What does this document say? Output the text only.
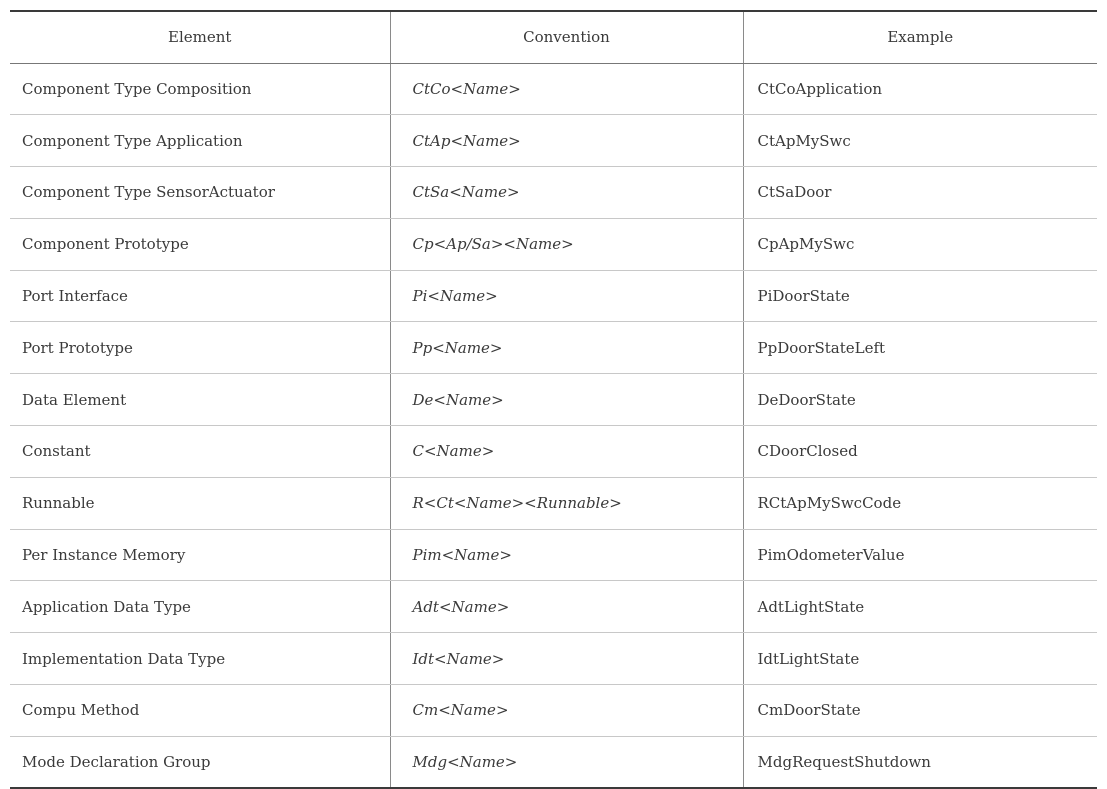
Element	Convention	Example
Component Type Composition	CtCo<Name>	CtCoApplication
Component Type Application	CtAp<Name>	CtApMySwc
Component Type SensorActuator	CtSa<Name>	CtSaDoor
Component Prototype	Cp<Ap/Sa><Name>	CpApMySwc
Port Interface	Pi<Name>	PiDoorState
Port Prototype	Pp<Name>	PpDoorStateLeft
Data Element	De<Name>	DeDoorState
Constant	C<Name>	CDoorClosed
Runnable	R<Ct<Name><Runnable>	RCtApMySwcCode
Per Instance Memory	Pim<Name>	PimOdometerValue
Application Data Type	Adt<Name>	AdtLightState
Implementation Data Type	Idt<Name>	IdtLightState
Compu Method	Cm<Name>	CmDoorState
Mode Declaration Group	Mdg<Name>	MdgRequestShutdown
